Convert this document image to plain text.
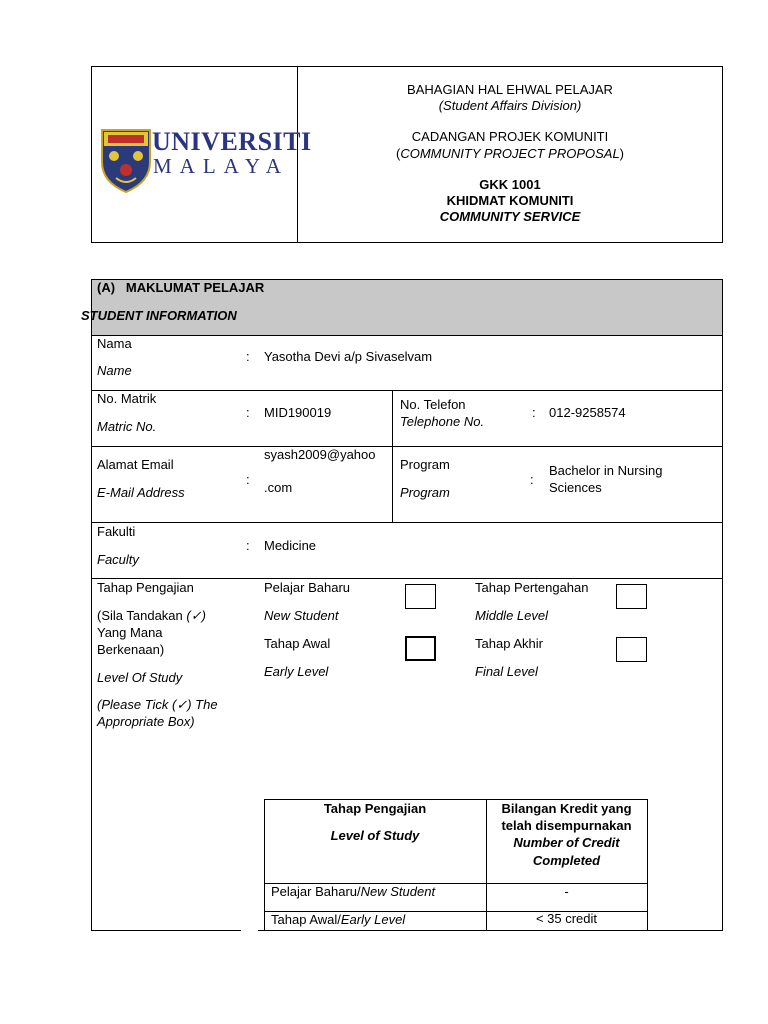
UNIVERSITI
MALAYA
BAHAGIAN HAL EHWAL PELAJAR
(Student Affairs Division)
CADANGAN PROJEK KOMUNITI
(COMMUNITY PROJECT PROPOSAL)
GKK 1001
KHIDMAT KOMUNITI
COMMUNITY SERVICE
(A)   MAKLUMAT PELAJAR
STUDENT INFORMATION
Nama
Name
: Yasotha Devi a/p Sivaselvam
No. Matrik
Matric No.
: MID190019
No. Telefon
Telephone No.
: 012-9258574
Alamat Email
E-Mail Address
:
syash2009@yahoo
.com
Program
Program
:
Bachelor in Nursing
Sciences
Fakulti
Faculty
: Medicine
Tahap Pengajian
(Sila Tandakan (✓)
Yang Mana
Berkenaan)
Level Of Study
(Please Tick (✓) The
Appropriate Box)
Pelajar Baharu
New Student
Tahap Pertengahan
Middle Level
Tahap Awal
Early Level
Tahap Akhir
Final Level
Tahap Pengajian
Level of Study
Bilangan Kredit yang
telah disempurnakan
Number of Credit
Completed
Pelajar Baharu/New Student	-
Tahap Awal/Early Level	< 35 credit
